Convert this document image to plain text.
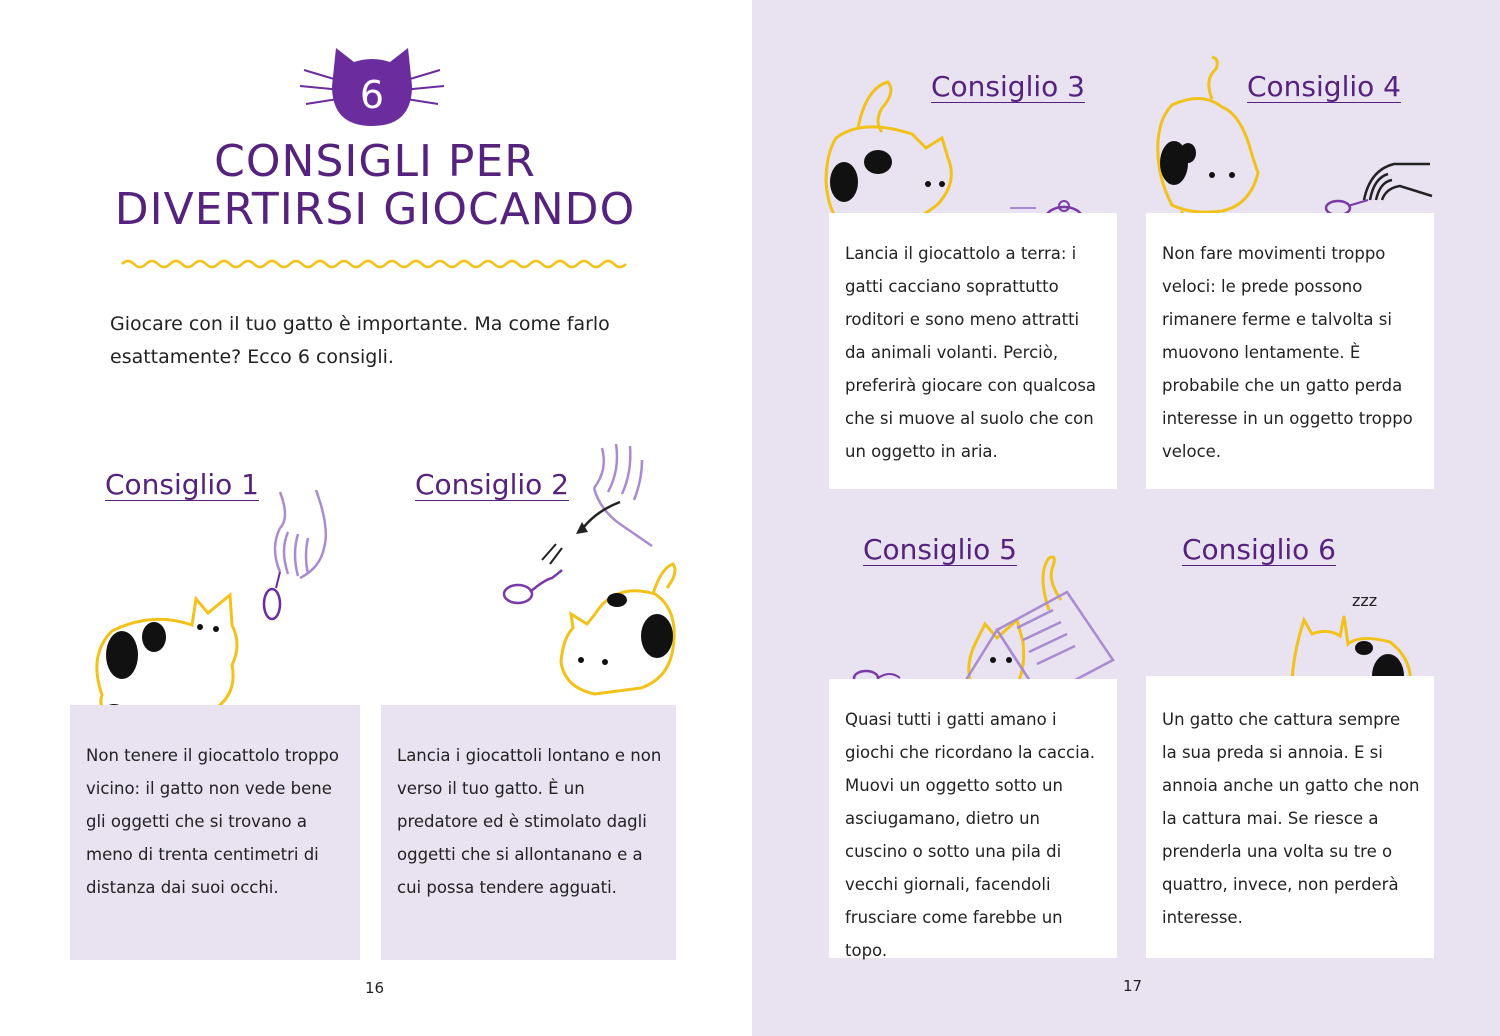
6
CONSIGLI PER
DIVERTIRSI GIOCANDO
Giocare con il tuo gatto è importante. Ma come farlo esattamente? Ecco 6 consigli.
Consiglio 1
Non tenere il giocattolo troppo vicino: il gatto non vede bene gli oggetti che si trovano a meno di trenta centimetri di distanza dai suoi occhi.
Consiglio 2
Lancia i giocattoli lontano e non verso il tuo gatto. È un predatore ed è stimolato dagli oggetti che si allontanano e a cui possa tendere agguati.
16
Consiglio 3
Lancia il giocattolo a terra: i gatti cacciano soprattutto roditori e sono meno attratti da animali volanti. Perciò, preferirà giocare con qualcosa che si muove al suolo che con un oggetto in aria.
Consiglio 4
Non fare movimenti troppo veloci: le prede possono rimanere ferme e talvolta si muovono lentamente. È probabile che un gatto perda interesse in un oggetto troppo veloce.
Consiglio 5
Quasi tutti i gatti amano i giochi che ricordano la caccia. Muovi un oggetto sotto un asciugamano, dietro un cuscino o sotto una pila di vecchi giornali, facendoli frusciare come farebbe un topo.
Consiglio 6
zzz
Un gatto che cattura sempre la sua preda si annoia. E si annoia anche un gatto che non la cattura mai. Se riesce a prenderla una volta su tre o quattro, invece, non perderà interesse.
17
